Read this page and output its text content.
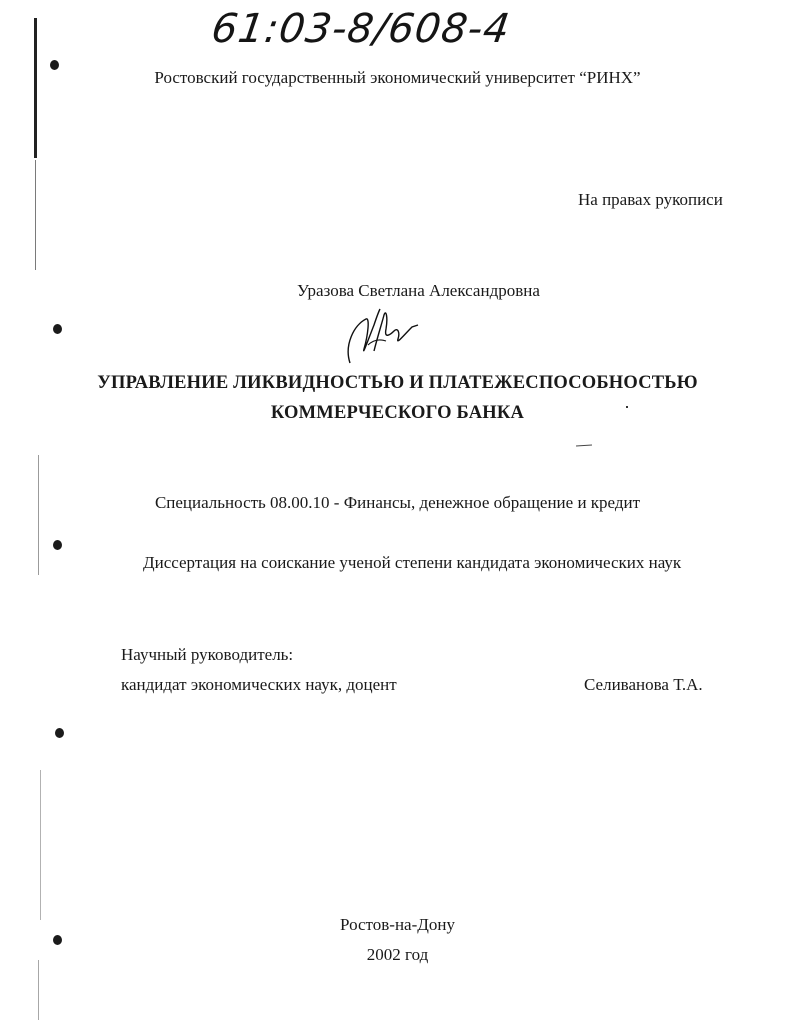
61:03-8/608-4
Ростовский государственный экономический университет “РИНХ”
На правах рукописи
Уразова Светлана Александровна
УПРАВЛЕНИЕ ЛИКВИДНОСТЬЮ И ПЛАТЕЖЕСПОСОБНОСТЬЮ
КОММЕРЧЕСКОГО БАНКА
Специальность 08.00.10 - Финансы, денежное обращение и кредит
Диссертация на соискание ученой степени кандидата экономических наук
Научный руководитель:
кандидат экономических наук, доцент	Селиванова Т.А.
Ростов-на-Дону
2002 год
